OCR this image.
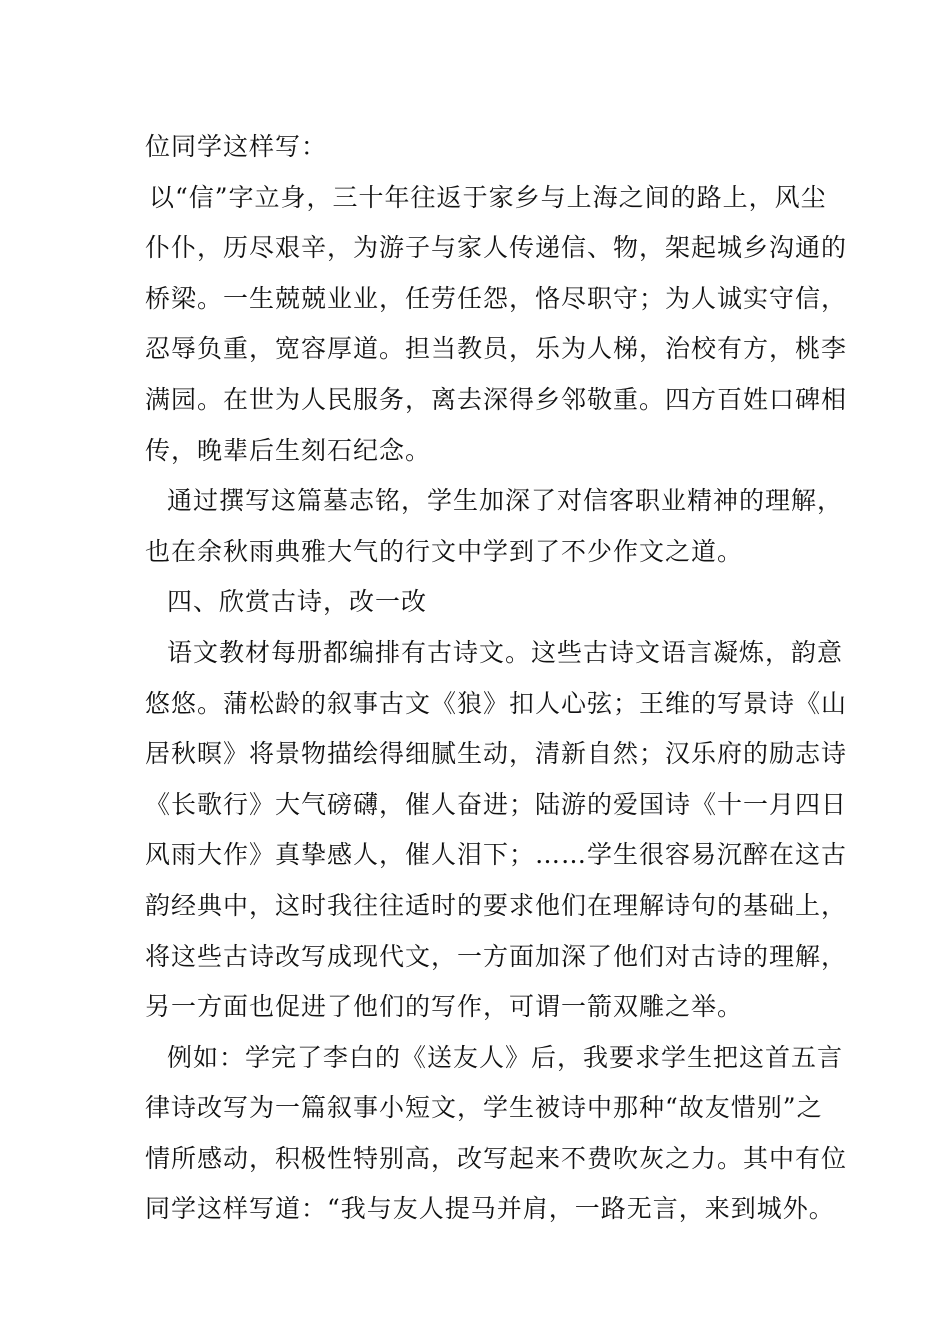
位同学这样写：
以“信”字立身，三十年往返于家乡与上海之间的路上，风尘
仆仆，历尽艰辛，为游子与家人传递信、物，架起城乡沟通的
桥梁。一生兢兢业业，任劳任怨，恪尽职守；为人诚实守信，
忍辱负重，宽容厚道。担当教员，乐为人梯，治校有方，桃李
满园。在世为人民服务，离去深得乡邻敬重。四方百姓口碑相
传，晚辈后生刻石纪念。
通过撰写这篇墓志铭，学生加深了对信客职业精神的理解，
也在余秋雨典雅大气的行文中学到了不少作文之道。
四、欣赏古诗，改一改
语文教材每册都编排有古诗文。这些古诗文语言凝炼，韵意
悠悠。蒲松龄的叙事古文《狼》扣人心弦；王维的写景诗《山
居秋暝》将景物描绘得细腻生动，清新自然；汉乐府的励志诗
《长歌行》大气磅礴，催人奋进；陆游的爱国诗《十一月四日
风雨大作》真挚感人，催人泪下；……学生很容易沉醉在这古
韵经典中，这时我往往适时的要求他们在理解诗句的基础上，
将这些古诗改写成现代文，一方面加深了他们对古诗的理解，
另一方面也促进了他们的写作，可谓一箭双雕之举。
例如：学完了李白的《送友人》后，我要求学生把这首五言
律诗改写为一篇叙事小短文，学生被诗中那种“故友惜别”之
情所感动，积极性特别高，改写起来不费吹灰之力。其中有位
同学这样写道：“我与友人提马并肩，一路无言，来到城外。
